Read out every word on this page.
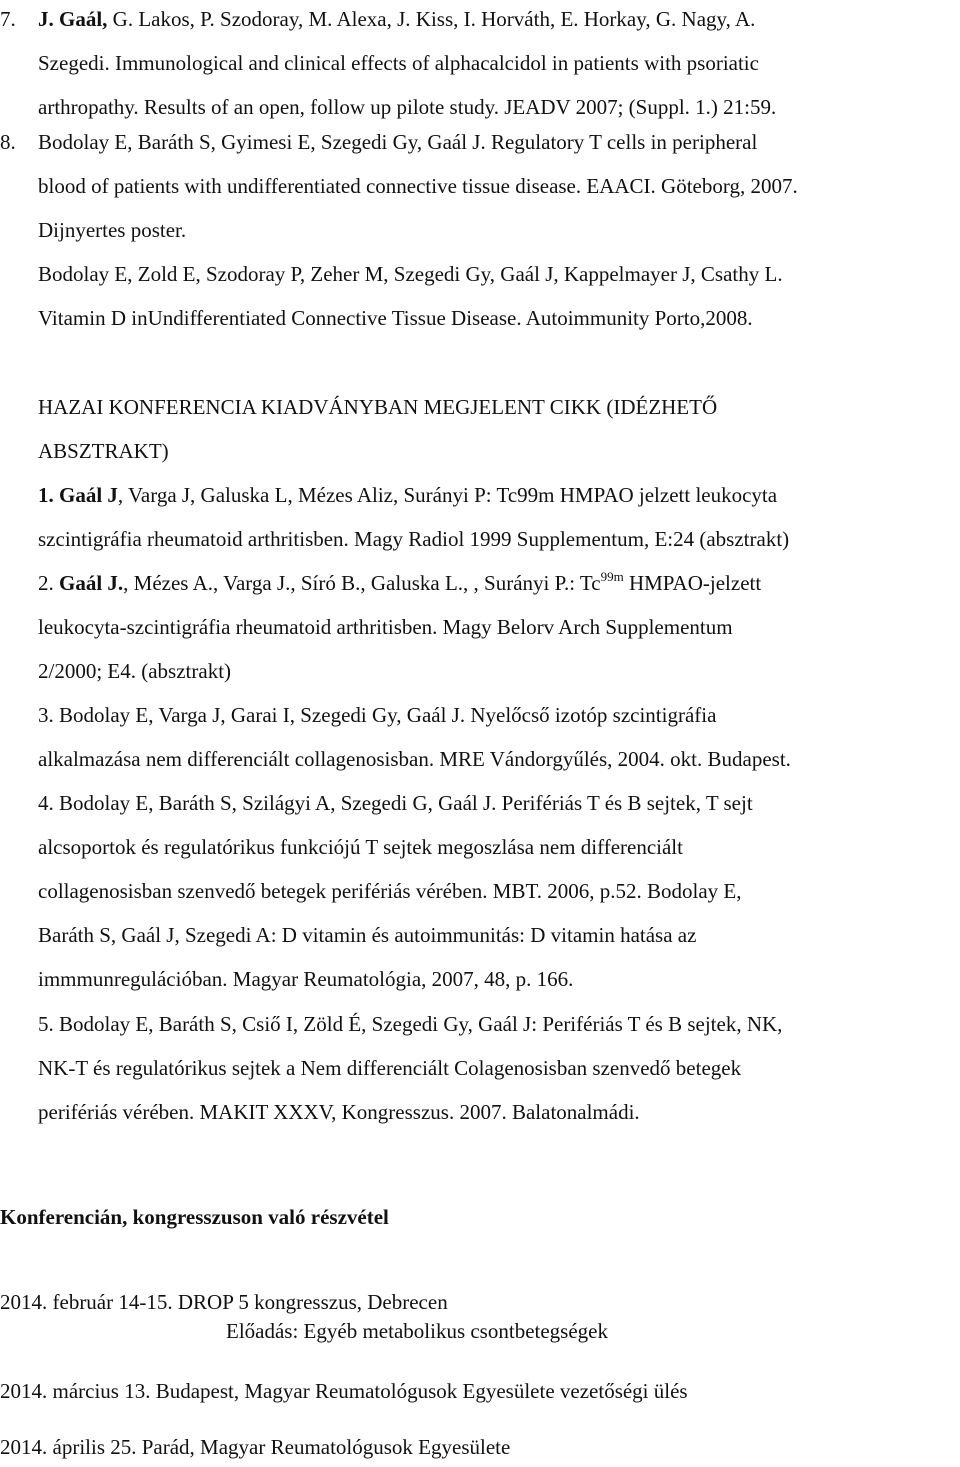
7.	J. Gaál, G. Lakos, P. Szodoray, M. Alexa, J. Kiss, I. Horváth, E. Horkay, G. Nagy, A.
Szegedi. Immunological and clinical effects of alphacalcidol in patients with psoriatic
arthropathy. Results of an open, follow up pilote study. JEADV 2007; (Suppl. 1.) 21:59.
8.	Bodolay E, Baráth S, Gyimesi E, Szegedi Gy, Gaál J. Regulatory T cells in peripheral
blood of patients with undifferentiated connective tissue disease. EAACI. Göteborg, 2007.
Dijnyertes poster.
Bodolay E, Zold E, Szodoray P, Zeher M, Szegedi Gy, Gaál J, Kappelmayer J, Csathy L.
Vitamin D inUndifferentiated Connective Tissue Disease. Autoimmunity Porto,2008.
HAZAI KONFERENCIA KIADVÁNYBAN MEGJELENT CIKK (IDÉZHETŐ
ABSZTRAKT)
1. Gaál J, Varga J, Galuska L, Mézes Aliz, Surányi P: Tc99m HMPAO jelzett leukocyta
szcintigráfia rheumatoid arthritisben. Magy Radiol 1999 Supplementum, E:24 (absztrakt)
2. Gaál J., Mézes A., Varga J., Síró B., Galuska L., , Surányi P.: $Tc^{99m}$ HMPAO-jelzett
leukocyta-szcintigráfia rheumatoid arthritisben. Magy Belorv Arch Supplementum
2/2000; E4. (absztrakt)
3. Bodolay E, Varga J, Garai I, Szegedi Gy, Gaál J. Nyelőcső izotóp szcintigráfia
alkalmazása nem differenciált collagenosisban. MRE Vándorgyűlés, 2004. okt. Budapest.
4. Bodolay E, Baráth S, Szilágyi A, Szegedi G, Gaál J. Perifériás T és B sejtek, T sejt
alcsoportok és regulatórikus funkciójú T sejtek megoszlása nem differenciált
collagenosisban szenvedő betegek perifériás vérében. MBT. 2006, p.52. Bodolay E,
Baráth S, Gaál J, Szegedi A: D vitamin és autoimmunitás: D vitamin hatása az
immmunregulációban. Magyar Reumatológia, 2007, 48, p. 166.
5. Bodolay E, Baráth S, Csiő I, Zöld É, Szegedi Gy, Gaál J: Perifériás T és B sejtek, NK,
NK-T és regulatórikus sejtek a Nem differenciált Colagenosisban szenvedő betegek
perifériás vérében. MAKIT XXXV, Kongresszus. 2007. Balatonalmádi.
Konferencián, kongresszuson való részvétel
2014. február 14-15. DROP 5 kongresszus, Debrecen
Előadás: Egyéb metabolikus csontbetegségek
2014. március 13. Budapest, Magyar Reumatológusok Egyesülete vezetőségi ülés
2014. április 25. Parád, Magyar Reumatológusok Egyesülete
